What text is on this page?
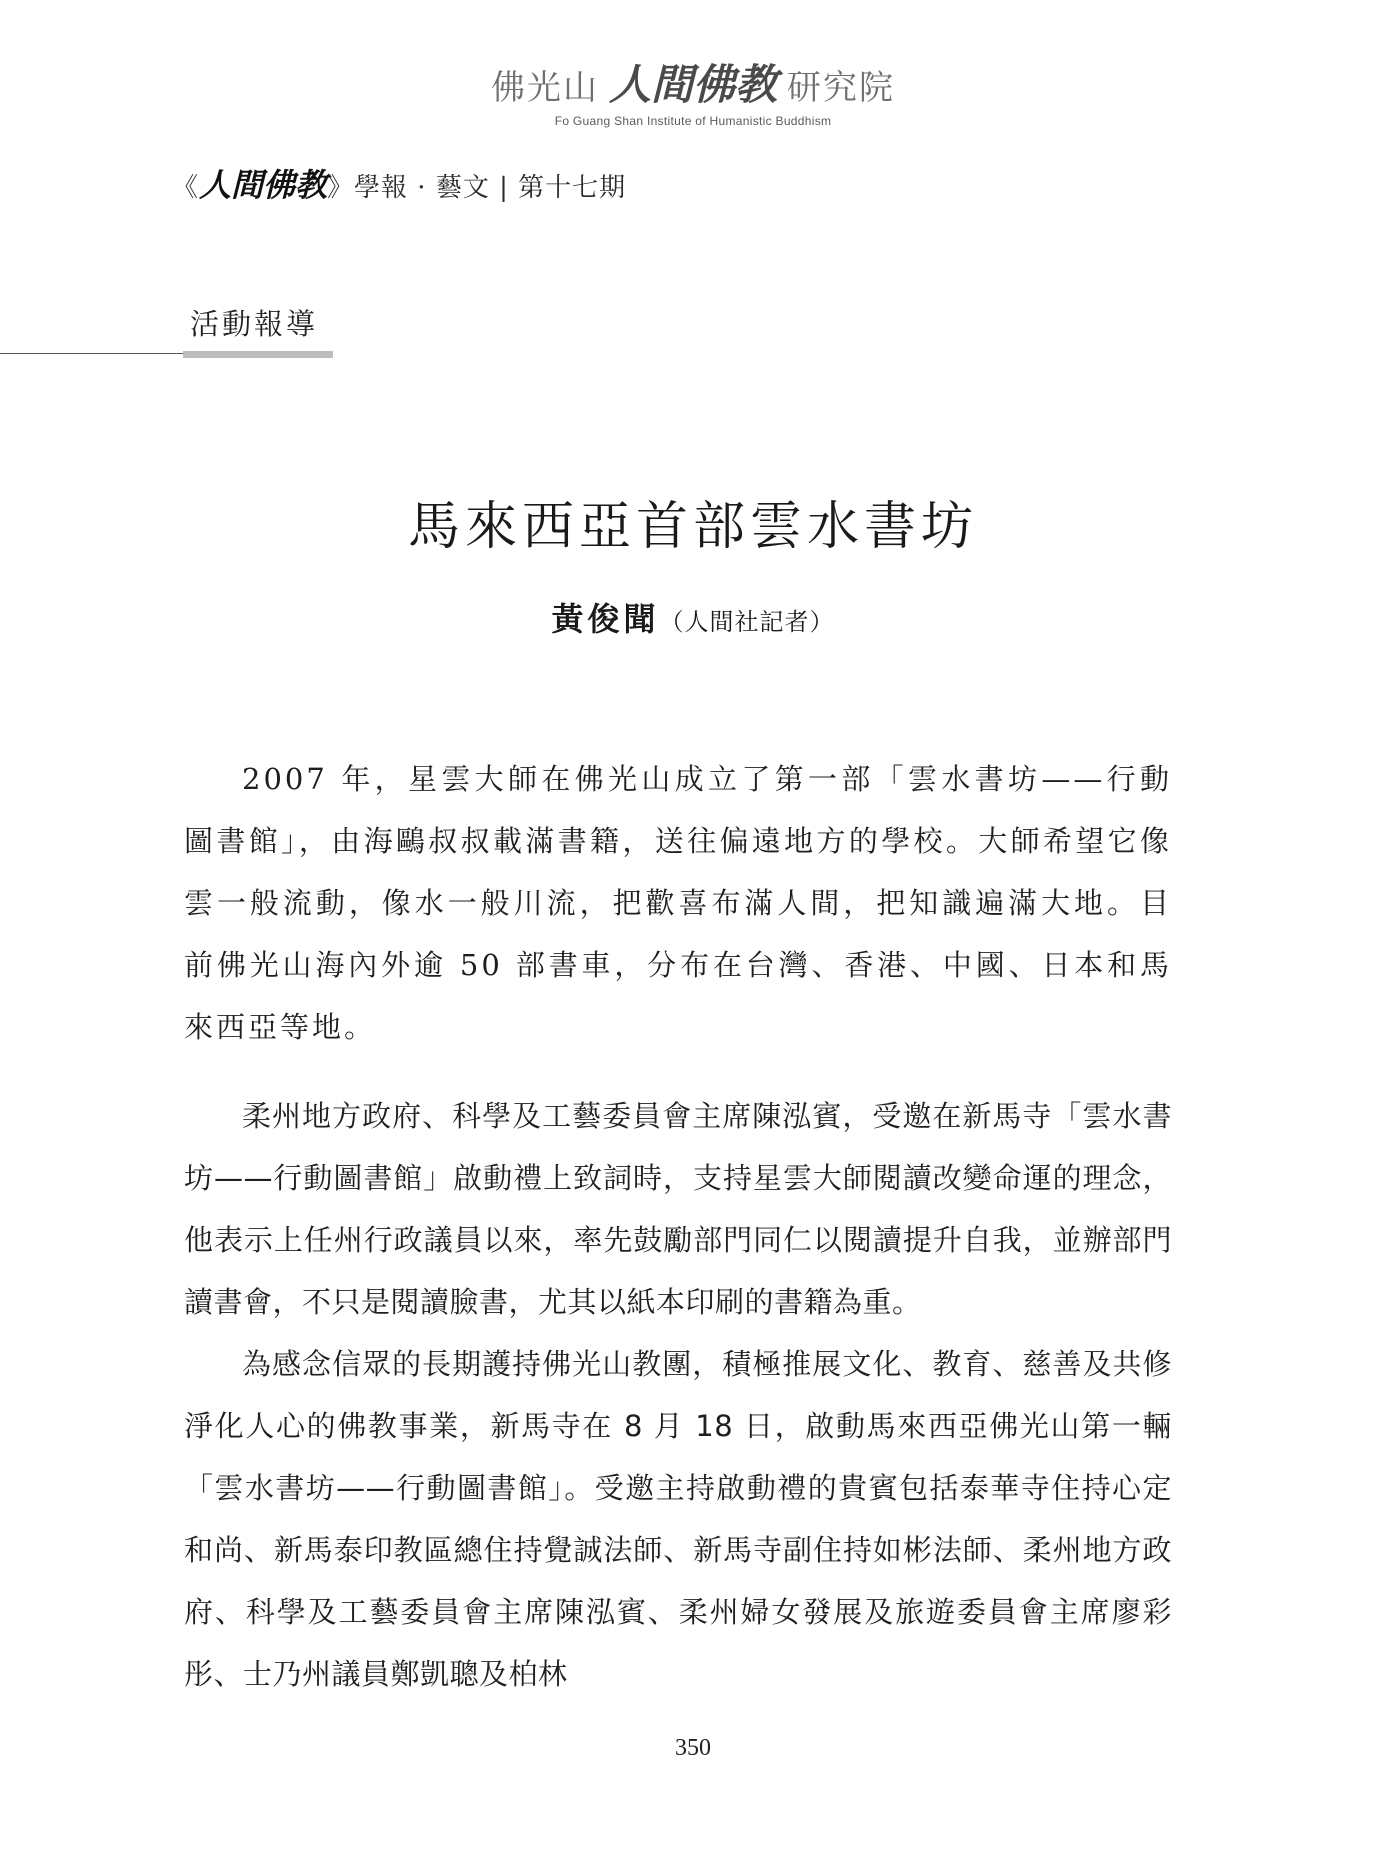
佛光山 人間佛教 研究院
Fo Guang Shan Institute of Humanistic Buddhism
《 人間佛教 》學報 · 藝文 | 第十七期
活動報導
馬來西亞首部雲水書坊
黃俊聞（人間社記者）

2007 年，星雲大師在佛光山成立了第一部「雲水書坊——行動圖書館」，由海鷗叔叔載滿書籍，送往偏遠地方的學校。大師希望它像雲一般流動，像水一般川流，把歡喜布滿人間，把知識遍滿大地。目前佛光山海內外逾 50 部書車，分布在台灣、香港、中國、日本和馬來西亞等地。

柔州地方政府、科學及工藝委員會主席陳泓賓，受邀在新馬寺「雲水書坊——行動圖書館」啟動禮上致詞時，支持星雲大師閱讀改變命運的理念，他表示上任州行政議員以來，率先鼓勵部門同仁以閱讀提升自我，並辦部門讀書會，不只是閱讀臉書，尤其以紙本印刷的書籍為重。

為感念信眾的長期護持佛光山教團，積極推展文化、教育、慈善及共修淨化人心的佛教事業，新馬寺在 8 月 18 日，啟動馬來西亞佛光山第一輛「雲水書坊——行動圖書館」。受邀主持啟動禮的貴賓包括泰華寺住持心定和尚、新馬泰印教區總住持覺誠法師、新馬寺副住持如彬法師、柔州地方政府、科學及工藝委員會主席陳泓賓、柔州婦女發展及旅遊委員會主席廖彩彤、士乃州議員鄭凱聰及柏林

350
